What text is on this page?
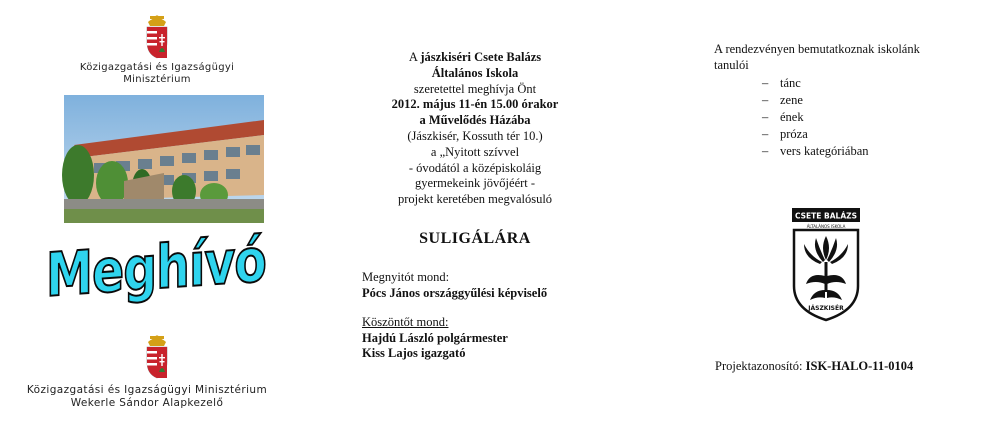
Közigazgatási és Igazságügyi
Minisztérium
Meghívó
Közigazgatási és Igazságügyi Minisztérium
Wekerle Sándor Alapkezelő
A jászkiséri Csete Balázs
Általános Iskola
szeretettel meghívja Önt
2012. május 11-én 15.00 órakor
a Művelődés Házába
(Jászkisér, Kossuth tér 10.)
a „Nyitott szívvel
- óvodától a középiskoláig
gyermekeink jövőjéért -
projekt keretében megvalósuló
SULIGÁLÁRA
Megnyitót mond:
Pócs János országgyűlési képviselő
Köszöntőt mond:
Hajdú László polgármester
Kiss Lajos igazgató
A rendezvényen bemutatkoznak iskolánk
tanulói
– tánc
– zene
– ének
– próza
– vers kategóriában
CSETE BALÁZS
ÁLTALÁNOS ISKOLA
JÁSZKISÉR
Projektazonosító: ISK-HALO-11-0104
